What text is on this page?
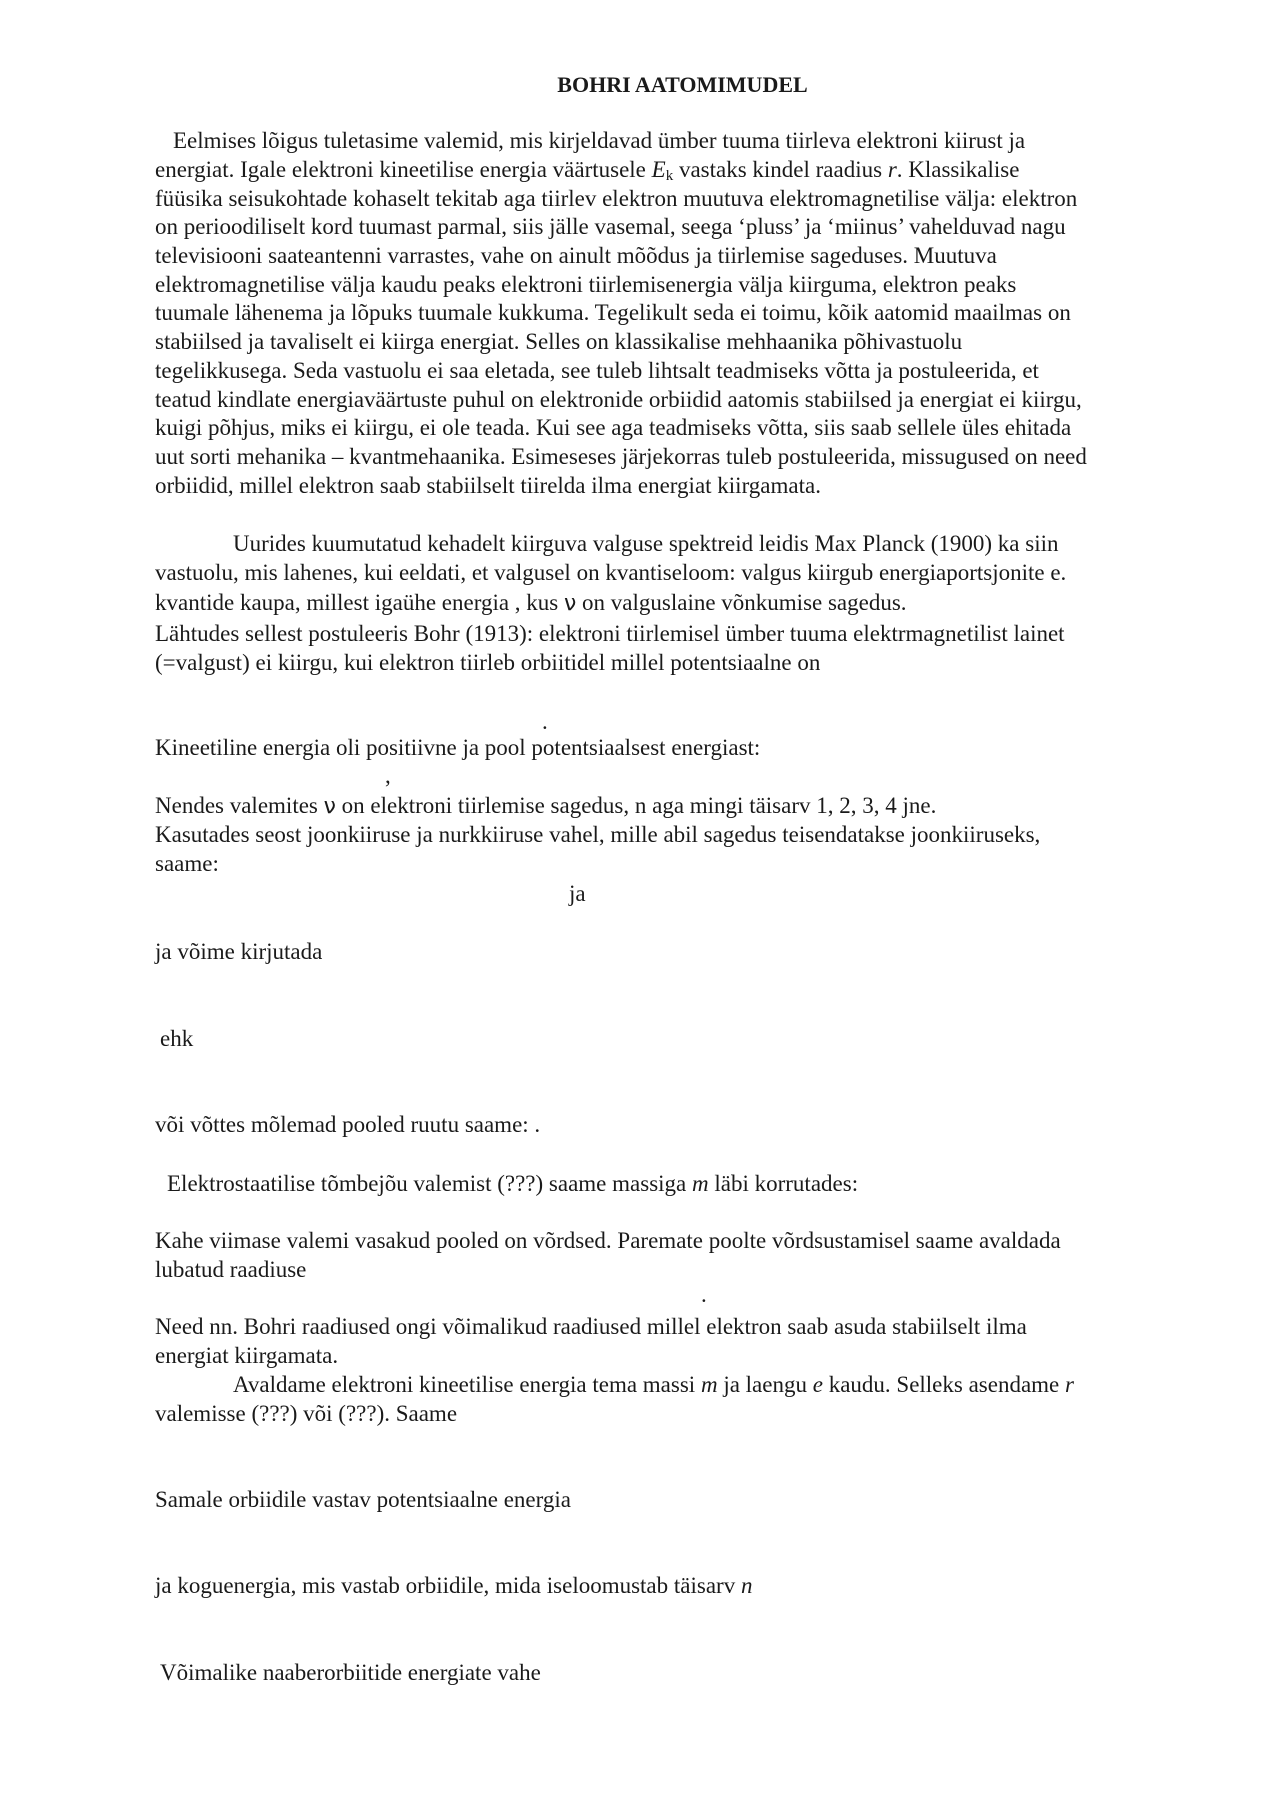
BOHRI AATOMIMUDEL
Eelmises lõigus tuletasime valemid, mis kirjeldavad ümber tuuma tiirleva elektroni kiirust ja
energiat. Igale elektroni kineetilise energia väärtusele $E_k$ vastaks kindel raadius r. Klassikalise
füüsika seisukohtade kohaselt tekitab aga tiirlev elektron muutuva elektromagnetilise välja: elektron
on perioodiliselt kord tuumast parmal, siis jälle vasemal, seega ‘pluss’ ja ‘miinus’ vahelduvad nagu
televisiooni saateantenni varrastes, vahe on ainult mõõdus ja tiirlemise sageduses. Muutuva
elektromagnetilise välja kaudu peaks elektroni tiirlemisenergia välja kiirguma, elektron peaks
tuumale lähenema ja lõpuks tuumale kukkuma. Tegelikult seda ei toimu, kõik aatomid maailmas on
stabiilsed ja tavaliselt ei kiirga energiat. Selles on klassikalise mehhaanika põhivastuolu
tegelikkusega. Seda vastuolu ei saa eletada, see tuleb lihtsalt teadmiseks võtta ja postuleerida, et
teatud kindlate energiaväärtuste puhul on elektronide orbiidid aatomis stabiilsed ja energiat ei kiirgu,
kuigi põhjus, miks ei kiirgu, ei ole teada. Kui see aga teadmiseks võtta, siis saab sellele üles ehitada
uut sorti mehanika – kvantmehaanika. Esimeseses järjekorras tuleb postuleerida, missugused on need
orbiidid, millel elektron saab stabiilselt tiirelda ilma energiat kiirgamata.
Uurides kuumutatud kehadelt kiirguva valguse spektreid leidis Max Planck (1900) ka siin
vastuolu, mis lahenes, kui eeldati, et valgusel on kvantiseloom: valgus kiirgub energiaportsjonite e.
kvantide kaupa, millest igaühe energia , kus ν on valguslaine võnkumise sagedus.
Lähtudes sellest postuleeris Bohr (1913): elektroni tiirlemisel ümber tuuma elektrmagnetilist lainet
(=valgust) ei kiirgu, kui elektron tiirleb orbiitidel millel potentsiaalne on
.
Kineetiline energia oli positiivne ja pool potentsiaalsest energiast:
,
Nendes valemites ν on elektroni tiirlemise sagedus, n aga mingi täisarv 1, 2, 3, 4 jne.
Kasutades seost joonkiiruse ja nurkkiiruse vahel, mille abil sagedus teisendatakse joonkiiruseks,
saame:
ja
ja võime kirjutada
ehk
või võttes mõlemad pooled ruutu saame: .
Elektrostaatilise tõmbejõu valemist (???) saame massiga m läbi korrutades:
Kahe viimase valemi vasakud pooled on võrdsed. Paremate poolte võrdsustamisel saame avaldada
lubatud raadiuse
.
Need nn. Bohri raadiused ongi võimalikud raadiused millel elektron saab asuda stabiilselt ilma
energiat kiirgamata.
Avaldame elektroni kineetilise energia tema massi m ja laengu e kaudu. Selleks asendame r
valemisse (???) või (???). Saame
Samale orbiidile vastav potentsiaalne energia
ja koguenergia, mis vastab orbiidile, mida iseloomustab täisarv n
Võimalike naaberorbiitide energiate vahe
